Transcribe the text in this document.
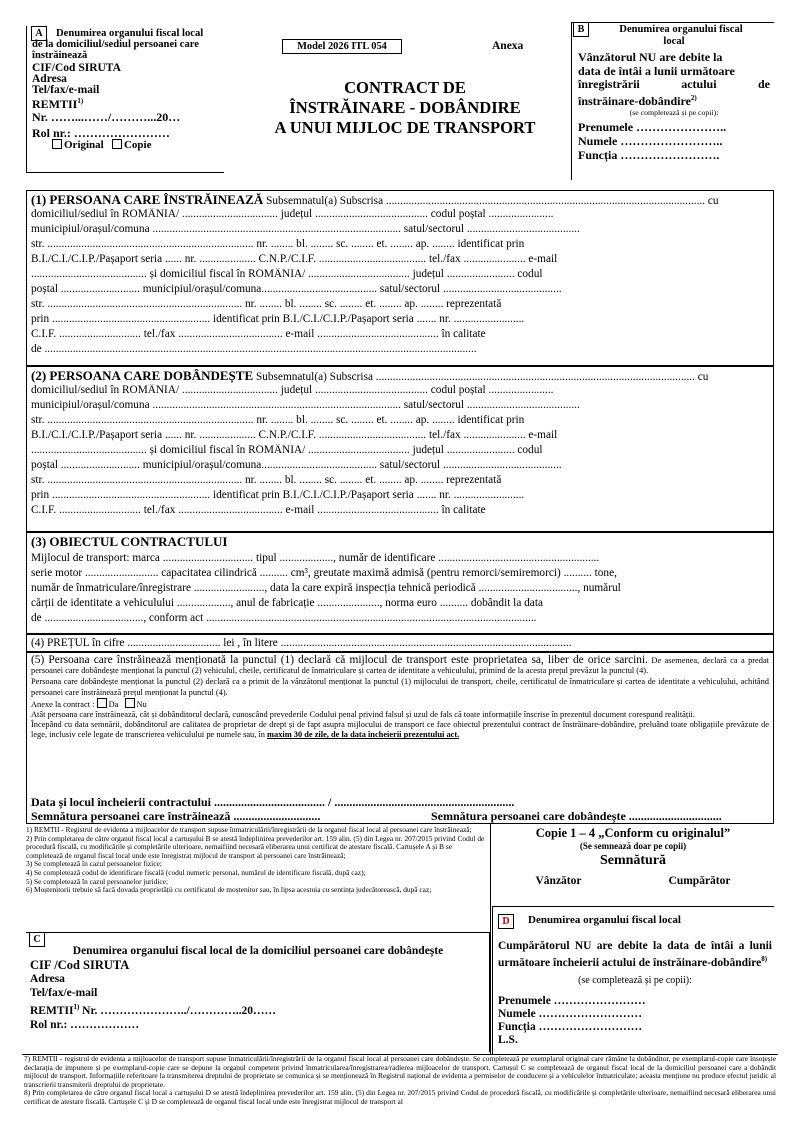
A	Denumirea organului fiscal local
de la domiciliul/sediul persoanei care
înstrăinează
CIF/Cod SIRUTA
Adresa
Tel/fax/e-mail
REMTII$^{1)}$
Nr. ……...……/………...20…
Rol nr.: ……………………
Original Copie
Model 2026 ITL 054	Anexa
CONTRACT DE
ÎNSTRĂINARE - DOBÂNDIRE
A UNUI MIJLOC DE TRANSPORT
B	Denumirea organului fiscal
local
Vânzătorul NU are debite la
data de întâi a lunii următoare
înregistrării	actului	de
înstrăinare-dobândire$^{2)}$
(se completează și pe copii):
Prenumele …………………..
Numele ……………………..
Funcția …………………….
(1) PERSOANA CARE ÎNSTRĂINEAZĂ Subsemnatul(a) Subscrisa ................................................................................................................. cu
domiciliul/sediul în ROMÂNIA/ .................................. județul ........................................ codul poștal .......................
municipiul/orașul/comuna ........................................................................................ satul/sectorul ........................................
str. ......................................................................... nr. ........ bl. ........ sc. ........ et. ........ ap. ........ identificat prin
B.I./C.I./C.I.P./Pașaport seria ...... nr. .................... C.N.P./C.I.F. ...................................... tel./fax ...................... e-mail
......................................... și domiciliul fiscal în ROMÂNIA/ .................................... județul ........................ codul
poștal ............................ municipiul/orașul/comuna......................................... satul/sectorul ..........................................
str. ..................................................................... nr. ........ bl. ........ sc. ........ et. ........ ap. ........ reprezentată
prin ........................................................ identificat prin B.I./C.I./C.I.P./Pașaport seria ....... nr. .........................
C.I.F. ............................. tel./fax ..................................... e-mail ........................................... în calitate
de .........................................................................................................................................................
(2) PERSOANA CARE DOBÂNDEȘTE Subsemnatul(a) Subscrisa ................................................................................................................. cu
domiciliul/sediul în ROMÂNIA/ .................................. județul ........................................ codul poștal .......................
municipiul/orașul/comuna ........................................................................................ satul/sectorul ........................................
str. ......................................................................... nr. ........ bl. ........ sc. ........ et. ........ ap. ........ identificat prin
B.I./C.I./C.I.P./Pașaport seria ...... nr. .................... C.N.P./C.I.F. ...................................... tel./fax ...................... e-mail
......................................... și domiciliul fiscal în ROMÂNIA/ .................................... județul ........................ codul
poștal ............................ municipiul/orașul/comuna......................................... satul/sectorul ..........................................
str. ..................................................................... nr. ........ bl. ........ sc. ........ et. ........ ap. ........ reprezentată
prin ........................................................ identificat prin B.I./C.I./C.I.P./Pașaport seria ....... nr. .........................
C.I.F. ............................. tel./fax ..................................... e-mail ........................................... în calitate
(3) OBIECTUL CONTRACTULUI
Mijlocul de transport: marca ................................ tipul ..................., număr de identificare .........................................................
serie motor .......................... capacitatea cilindrică .......... cm³, greutate maximă admisă (pentru remorci/semiremorci) .......... tone,
număr de înmatriculare/înregistrare ........................., data la care expiră inspecția tehnică periodică ..................................., numărul
cărții de identitate a vehiculului ..................., anul de fabricație ......................, norma euro .......... dobândit la data
de ..................................., conform act .....................................................................................................................
(4) PREȚUL în cifre ................................. lei , în litere .......................................................................................................
(5) Persoana care înstrăinează menționată la punctul (1) declară că mijlocul de transport este proprietatea sa, liber de orice sarcini. De asemenea, declară ca a predat persoanei care dobândește menționat la punctul (2) vehiculul, cheile, certificatul de înmatriculare și cartea de identitate a vehiculului, primind de la acesta prețul prevăzut la punctul (4).
Persoana care dobândește menționat la punctul (2) declară ca a primit de la vânzătorul menționat la punctul (1) mijlocului de transport, cheile, certificatul de înmatriculare și cartea de identitate a vehiculului, achitând persoanei care înstrăinează prețul menționat la punctul (4).
Anexe la contract : Da Nu
Atât persoana care înstrăinează, cât și dobânditorul declară, cunoscând prevederile Codului penal privind falsul și uzul de fals că toate informațiile înscrise în prezentul document corespund realității.
Începând cu data semnării, dobânditorul are calitatea de proprietar de drept și de fapt asupra mijlocului de transport ce face obiectul prezentului contract de înstrăinare-dobândire, preluând toate obligațiile prevăzute de lege, inclusiv cele legate de transcrierea vehiculului pe numele sau, în maxim 30 de zile, de la data încheierii prezentului act.
Data și locul încheierii contractului ..................................... / ............................................................
Semnătura persoanei care înstrăinează .............................	Semnătura persoanei care dobândește ...............................
1) REMTII - Registrul de evidenta a mijloacelor de transport supuse înmatriculării/înregistrării de la organul fiscal local al persoanei care înstrăinează;
2) Prin completarea de către organul fiscal local a cartușului B se atestă îndeplinirea prevederilor art. 159 alin. (5) din Legea nr. 207/2015 privind Codul de procedură fiscală, cu modificările și completările ulterioare, nemaifiind necesară eliberarea unui certificat de atestare fiscală. Cartușele A și B se completează de organul fiscal local unde este înregistrat mijlocul de transport al persoanei care înstrăinează;
3) Se completează în cazul persoanelor fizice;
4) Se completează codul de identificare fiscală (codul numeric personal, numărul de identificare fiscală, după caz);
5) Se completează în cazul persoanelor juridice;
6) Moștenitorii trebuie să facă dovada proprietății cu certificatul de moștenitor sau, în lipsa acestuia cu sentința judecătorească, după caz;
C
Denumirea organului fiscal local de la domiciliul persoanei care dobândește
CIF /Cod SIRUTA
Adresa
Tel/fax/e-mail
REMTII$^{1)}$ Nr. …………………../…………..20……
Rol nr.: ………………
Copie 1 – 4 „Conform cu originalul”
(Se semnează doar pe copii)
Semnătură
Vânzător	Cumpărător
D	Denumirea organului fiscal local
Cumpărătorul NU are debite la data de întâi a lunii următoare încheierii actului de înstrăinare-dobândire$^{8)}$
(se completează și pe copii):
Prenumele ……………………
Numele ………………………
Funcția ………………………
L.S.
7) REMTII - registrul de evidenta a mijloacelor de transport supuse înmatriculării/înregistrării de la organul fiscal local al persoanei care dobândește. Se completează pe exemplarul original care rămâne la dobânditor, pe exemplarul-copie care însoțește declarația de impunere și pe exemplarul-copie care se depune la organul competent privind înmatricularea/înregistrarea/radierea mijloacelor de transport. Cartușul C se completează de organul fiscal local de la domiciliul persoanei care a dobândit mijlocul de transport. Informațiile referitoare la transmiterea dreptului de proprietate se comunica și se menționează în Registrul național de evidenta a permiselor de conducere și a vehiculelor înmatriculate; aceasta mențiune nu produce efectul juridic al transcrierii transmiterii dreptului de proprietate.
8) Prin completarea de către organul fiscal local a cartușului D se atestă îndeplinirea prevederilor art. 159 alin. (5) din Legea nr. 207/2015 privind Codul de procedură fiscală, cu modificările și completările ulterioare, nemaifiind necesară eliberarea unui certificat de atestare fiscală. Cartușele C și D se completează de organul fiscal local unde este înregistrat mijlocul de transport al
